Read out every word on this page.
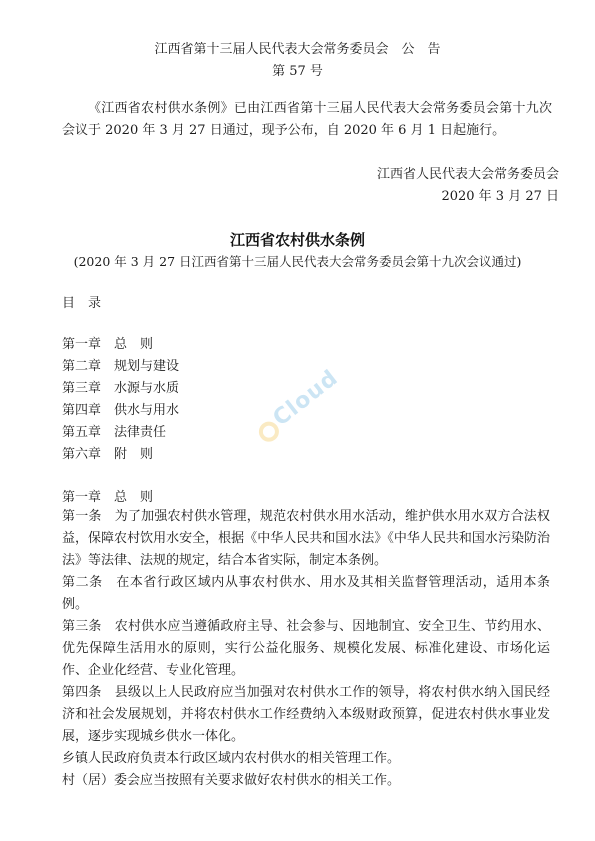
江西省第十三届人民代表大会常务委员会　公　告
第 57 号

《江西省农村供水条例》已由江西省第十三届人民代表大会常务委员会第十九次会议于 2020 年 3 月 27 日通过，现予公布，自 2020 年 6 月 1 日起施行。

江西省人民代表大会常务委员会
2020 年 3 月 27 日
江西省农村供水条例
(2020 年 3 月 27 日江西省第十三届人民代表大会常务委员会第十九次会议通过)
目　录
第一章 总　则
第二章 规划与建设
第三章 水源与水质
第四章 供水与用水
第五章 法律责任
第六章 附　则
第一章　总　则

第一条　为了加强农村供水管理，规范农村供水用水活动，维护供水用水双方合法权益，保障农村饮用水安全，根据《中华人民共和国水法》《中华人民共和国水污染防治法》等法律、法规的规定，结合本省实际，制定本条例。

第二条　在本省行政区域内从事农村供水、用水及其相关监督管理活动，适用本条例。

第三条　农村供水应当遵循政府主导、社会参与、因地制宜、安全卫生、节约用水、优先保障生活用水的原则，实行公益化服务、规模化发展、标准化建设、市场化运作、企业化经营、专业化管理。

第四条　县级以上人民政府应当加强对农村供水工作的领导，将农村供水纳入国民经济和社会发展规划，并将农村供水工作经费纳入本级财政预算，促进农村供水事业发展，逐步实现城乡供水一体化。

乡镇人民政府负责本行政区域内农村供水的相关管理工作。

村（居）委会应当按照有关要求做好农村供水的相关工作。

Cloud
